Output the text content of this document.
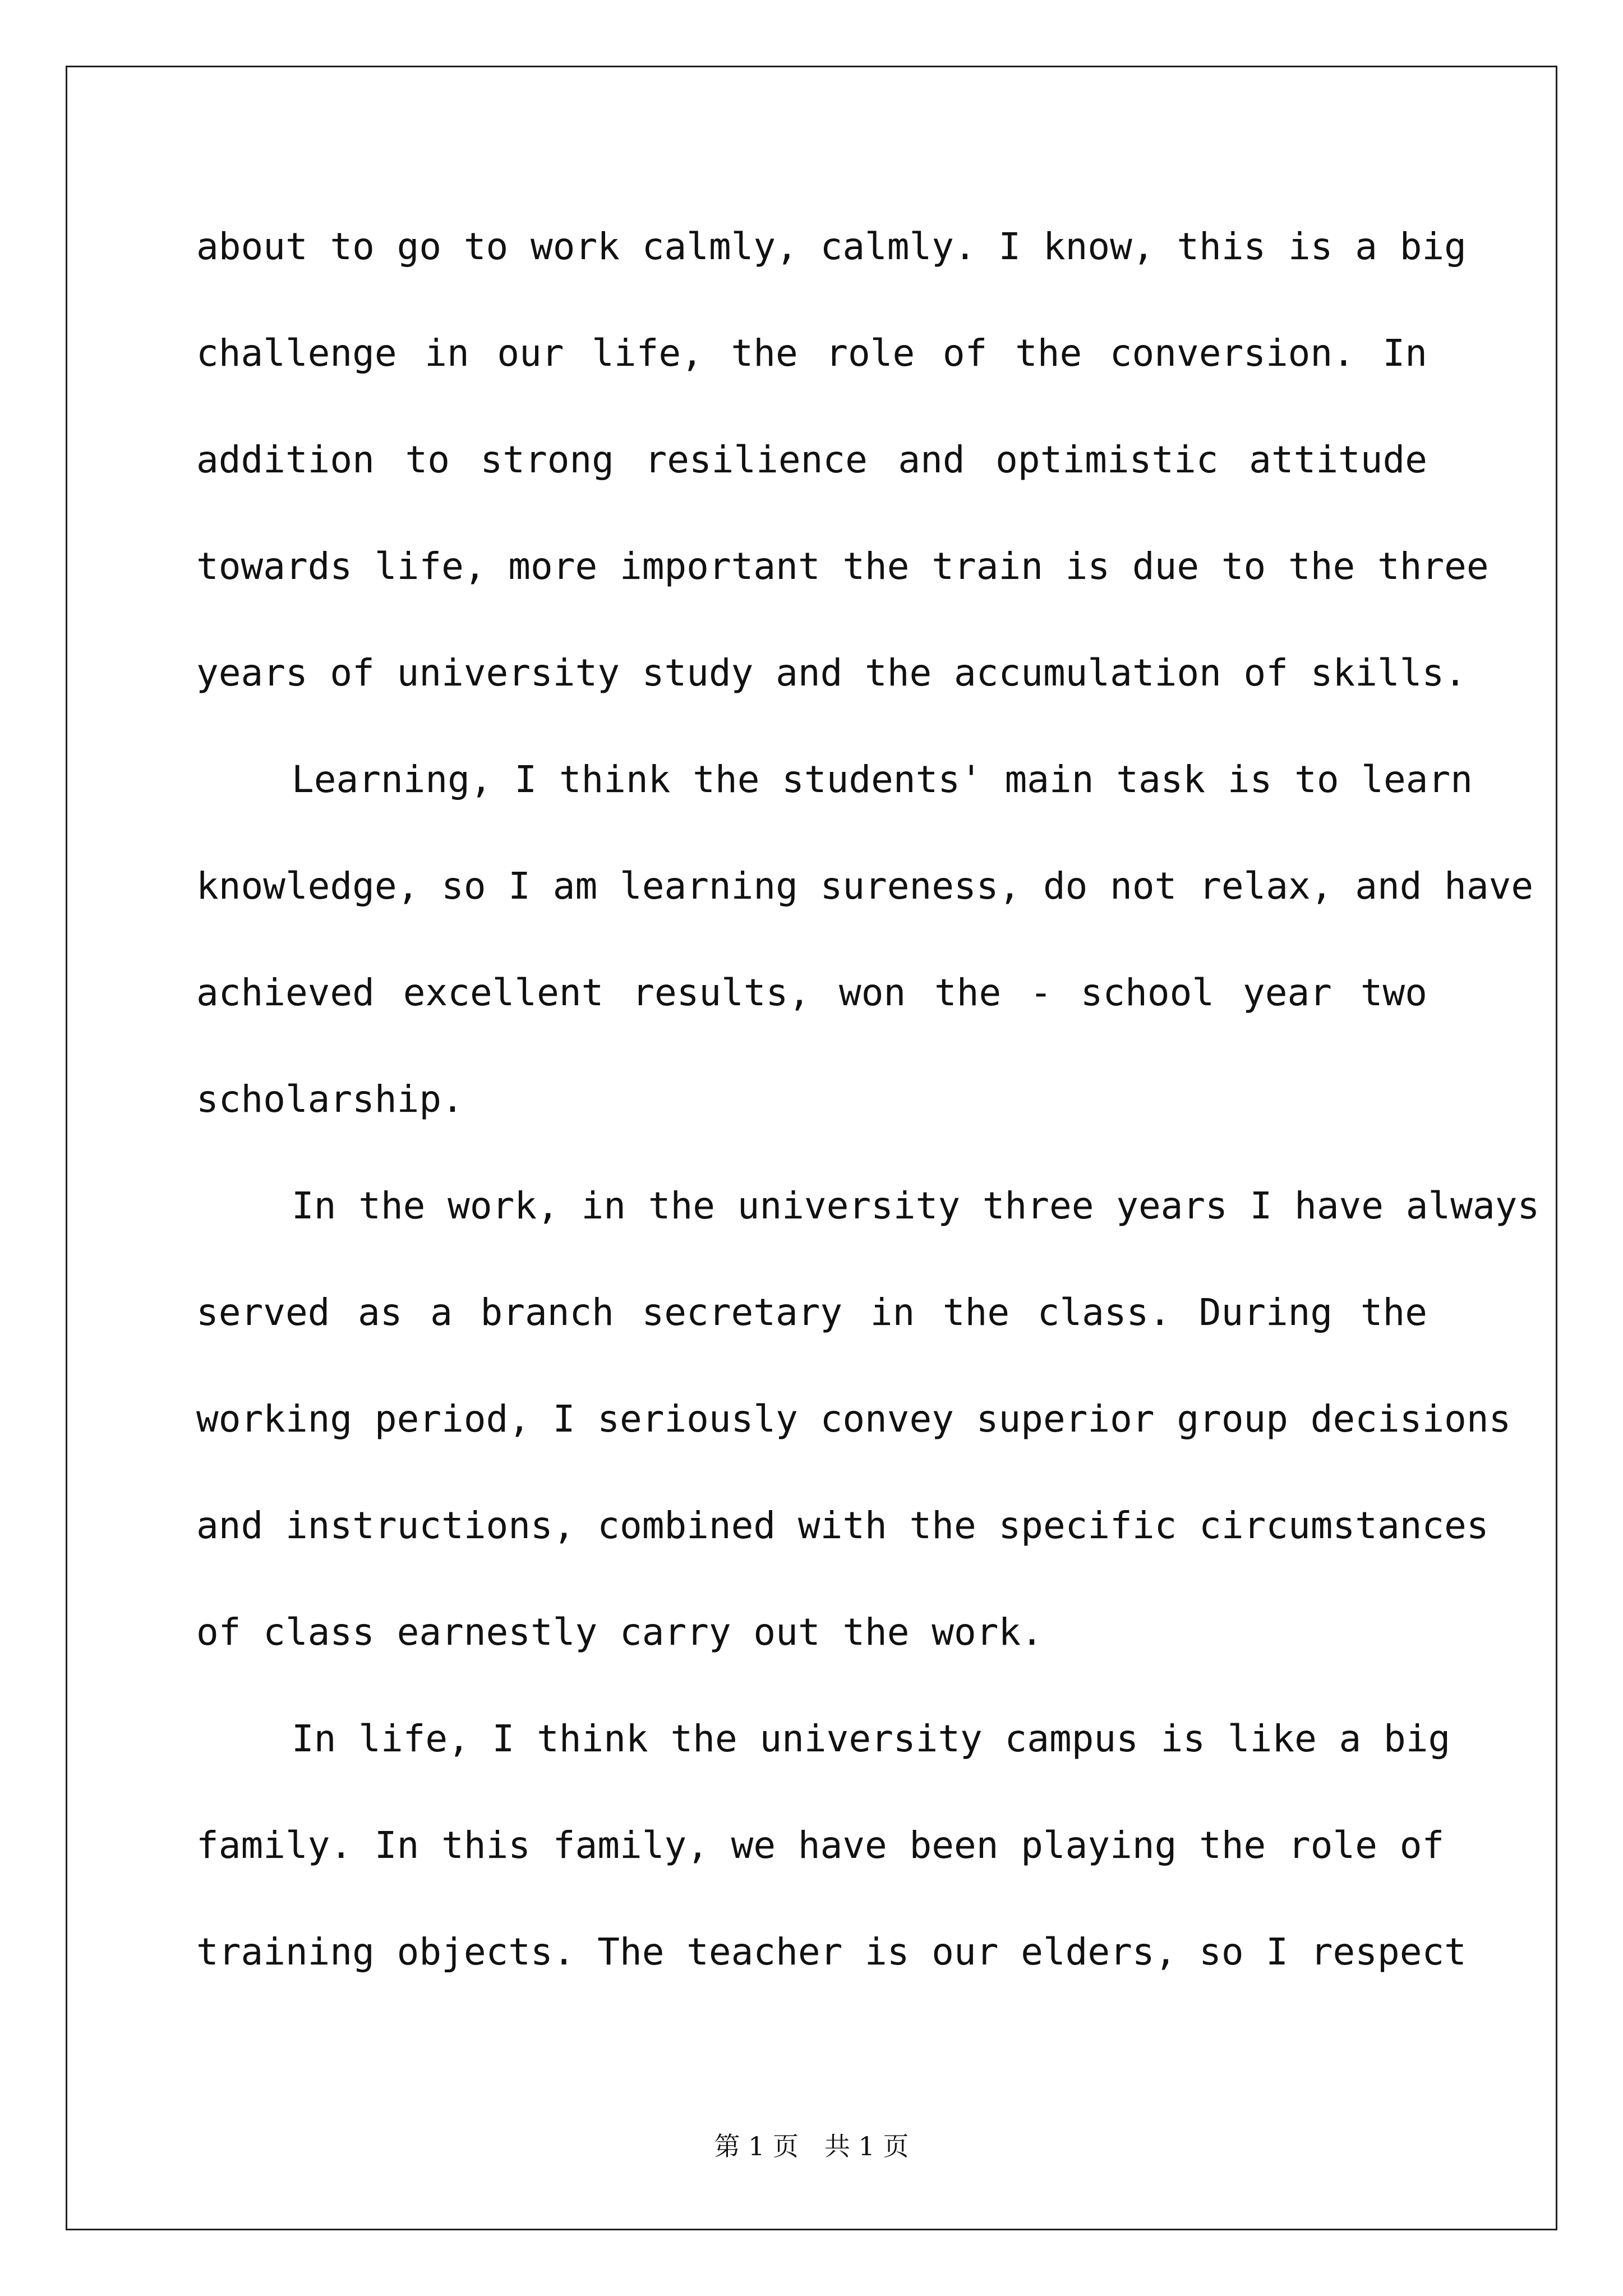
about to go to work calmly, calmly. I know, this is a big
challenge in our life, the role of the conversion. In
addition to strong resilience and optimistic attitude
towards life, more important the train is due to the three
years of university study and the accumulation of skills.
Learning, I think the students' main task is to learn
knowledge, so I am learning sureness, do not relax, and have
achieved excellent results, won the - school year two
scholarship.
In the work, in the university three years I have always
served as a branch secretary in the class. During the
working period, I seriously convey superior group decisions
and instructions, combined with the specific circumstances
of class earnestly carry out the work.
In life, I think the university campus is like a big
family. In this family, we have been playing the role of
training objects. The teacher is our elders, so I respect
第 1 页　共 1 页
